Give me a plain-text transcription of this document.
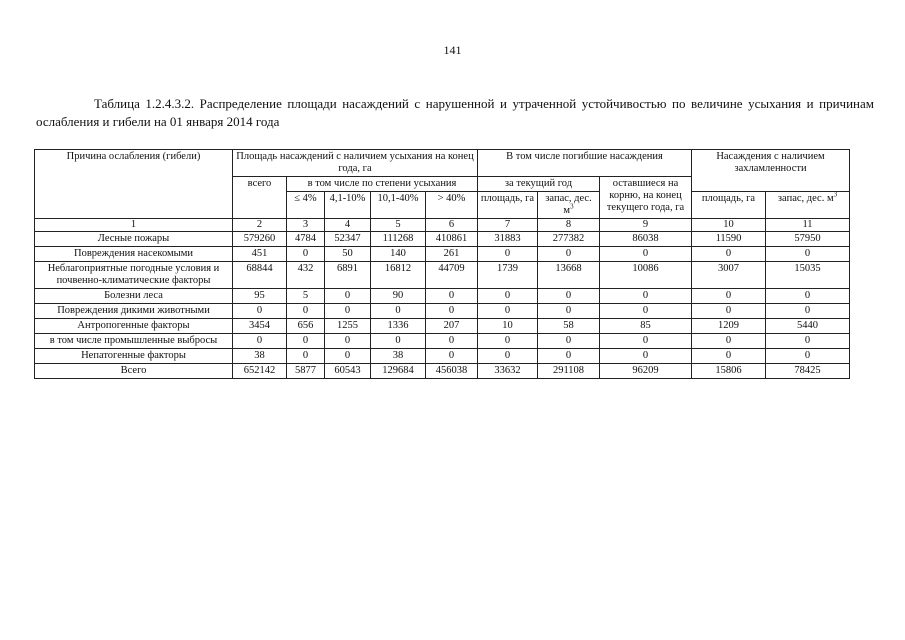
141
Таблица 1.2.4.3.2. Распределение площади насаждений с нарушенной и утраченной устойчивостью по величине усыхания и причинам ослабления и гибели на 01 января 2014 года
Причина ослабления (гибели)	Площадь насаждений с наличием усыхания на конец года, га					В том числе погибшие насаждения			Насаждения с наличием захламленности	
	всего	в том числе по степени усыхания				за текущий год		оставшиеся на корню, на конец текущего года, га		
		≤ 4%	4,1-10%	10,1-40%	> 40%	площадь, га	запас, дес. $м^3$		площадь, га	запас, дес. $м^3$
1	2	3	4	5	6	7	8	9	10	11
Лесные пожары	579260	4784	52347	111268	410861	31883	277382	86038	11590	57950
Повреждения насекомыми	451	0	50	140	261	0	0	0	0	0
Неблагоприятные погодные условия и почвенно-климатические факторы	68844	432	6891	16812	44709	1739	13668	10086	3007	15035
Болезни леса	95	5	0	90	0	0	0	0	0	0
Повреждения дикими животными	0	0	0	0	0	0	0	0	0	0
Антропогенные факторы	3454	656	1255	1336	207	10	58	85	1209	5440
в том числе промышленные выбросы	0	0	0	0	0	0	0	0	0	0
Непатогенные факторы	38	0	0	38	0	0	0	0	0	0
Всего	652142	5877	60543	129684	456038	33632	291108	96209	15806	78425
